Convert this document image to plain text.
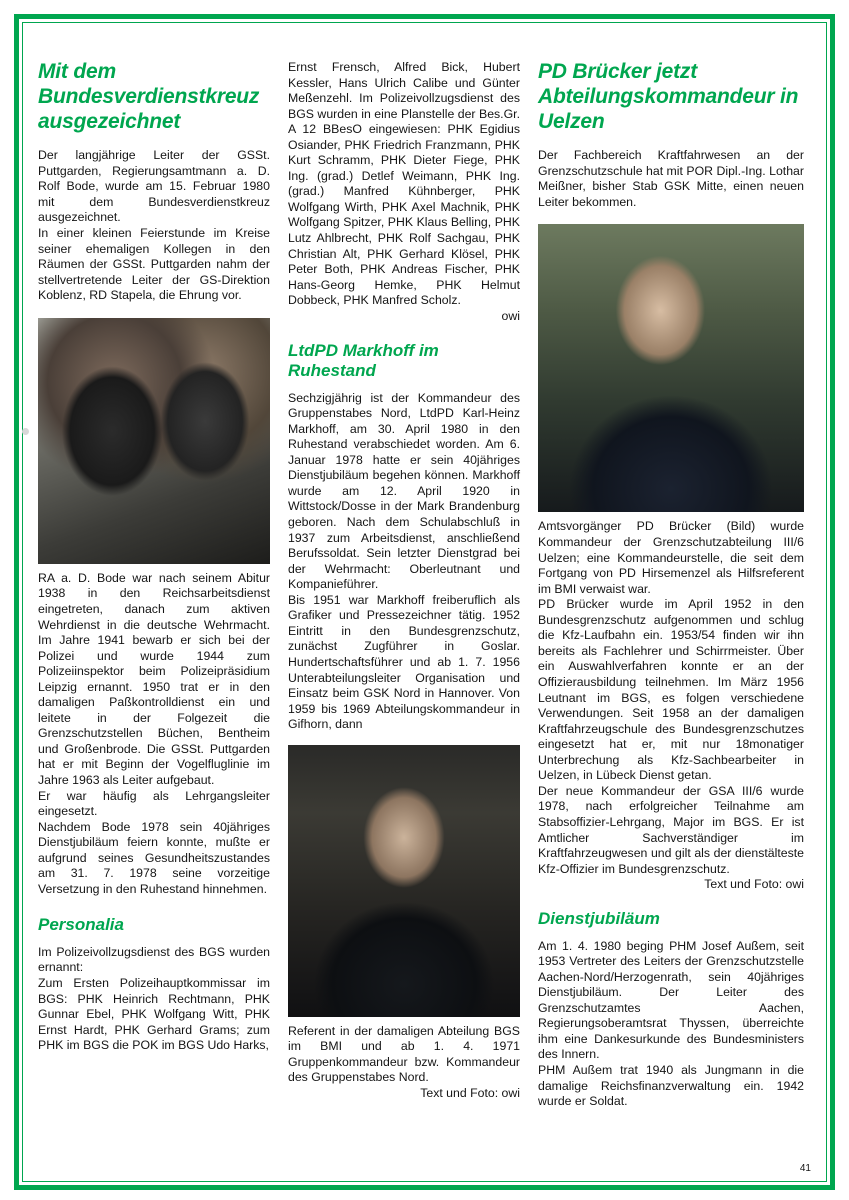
Mit dem Bundesverdienstkreuz ausgezeichnet

Der langjährige Leiter der GSSt. Puttgarden, Regierungsamtmann a. D. Rolf Bode, wurde am 15. Februar 1980 mit dem Bundesverdienstkreuz ausgezeichnet.

In einer kleinen Feierstunde im Kreise seiner ehemaligen Kollegen in den Räumen der GSSt. Puttgarden nahm der stellvertretende Leiter der GS-Direktion Koblenz, RD Stapela, die Ehrung vor.

RA a. D. Bode war nach seinem Abitur 1938 in den Reichsarbeitsdienst eingetreten, danach zum aktiven Wehrdienst in die deutsche Wehrmacht. Im Jahre 1941 bewarb er sich bei der Polizei und wurde 1944 zum Polizeiinspektor beim Polizeipräsidium Leipzig ernannt. 1950 trat er in den damaligen Paßkontrolldienst ein und leitete in der Folgezeit die Grenzschutzstellen Büchen, Bentheim und Großenbrode. Die GSSt. Puttgarden hat er mit Beginn der Vogelfluglinie im Jahre 1963 als Leiter aufgebaut.

Er war häufig als Lehrgangsleiter eingesetzt.

Nachdem Bode 1978 sein 40jähriges Dienstjubiläum feiern konnte, mußte er aufgrund seines Gesundheitszustandes am 31. 7. 1978 seine vorzeitige Versetzung in den Ruhestand hinnehmen.

Personalia

Im Polizeivollzugsdienst des BGS wurden ernannt:

Zum Ersten Polizeihauptkommissar im BGS: PHK Heinrich Rechtmann, PHK Gunnar Ebel, PHK Wolfgang Witt, PHK Ernst Hardt, PHK Gerhard Grams; zum PHK im BGS die POK im BGS Udo Harks,

Ernst Frensch, Alfred Bick, Hubert Kessler, Hans Ulrich Calibe und Günter Meßenzehl. Im Polizeivollzugsdienst des BGS wurden in eine Planstelle der Bes.Gr. A 12 BBesO eingewiesen: PHK Egidius Osiander, PHK Friedrich Franzmann, PHK Kurt Schramm, PHK Dieter Fiege, PHK Ing. (grad.) Detlef Weimann, PHK Ing. (grad.) Manfred Kühnberger, PHK Wolfgang Wirth, PHK Axel Machnik, PHK Wolfgang Spitzer, PHK Klaus Belling, PHK Lutz Ahlbrecht, PHK Rolf Sachgau, PHK Christian Alt, PHK Gerhard Klösel, PHK Peter Both, PHK Andreas Fischer, PHK Hans-Georg Hemke, PHK Helmut Dobbeck, PHK Manfred Scholz.

owi

LtdPD Markhoff im Ruhestand

Sechzigjährig ist der Kommandeur des Gruppenstabes Nord, LtdPD Karl-Heinz Markhoff, am 30. April 1980 in den Ruhestand verabschiedet worden. Am 6. Januar 1978 hatte er sein 40jähriges Dienstjubiläum begehen können. Markhoff wurde am 12. April 1920 in Wittstock/Dosse in der Mark Brandenburg geboren. Nach dem Schulabschluß in 1937 zum Arbeitsdienst, anschließend Berufssoldat. Sein letzter Dienstgrad bei der Wehrmacht: Oberleutnant und Kompanieführer.

Bis 1951 war Markhoff freiberuflich als Grafiker und Pressezeichner tätig. 1952 Eintritt in den Bundesgrenzschutz, zunächst Zugführer in Goslar. Hundertschaftsführer und ab 1. 7. 1956 Unterabteilungsleiter Organisation und Einsatz beim GSK Nord in Hannover. Von 1959 bis 1969 Abteilungskommandeur in Gifhorn, dann

Referent in der damaligen Abteilung BGS im BMI und ab 1. 4. 1971 Gruppenkommandeur bzw. Kommandeur des Gruppenstabes Nord.

Text und Foto: owi

PD Brücker jetzt Abteilungskommandeur in Uelzen

Der Fachbereich Kraftfahrwesen an der Grenzschutzschule hat mit POR Dipl.-Ing. Lothar Meißner, bisher Stab GSK Mitte, einen neuen Leiter bekommen.

Amtsvorgänger PD Brücker (Bild) wurde Kommandeur der Grenzschutzabteilung III/6 Uelzen; eine Kommandeurstelle, die seit dem Fortgang von PD Hirsemenzel als Hilfsreferent im BMI verwaist war.

PD Brücker wurde im April 1952 in den Bundesgrenzschutz aufgenommen und schlug die Kfz-Laufbahn ein. 1953/54 finden wir ihn bereits als Fachlehrer und Schirrmeister. Über ein Auswahlverfahren konnte er an der Offizierausbildung teilnehmen. Im März 1956 Leutnant im BGS, es folgen verschiedene Verwendungen. Seit 1958 an der damaligen Kraftfahrzeugschule des Bundesgrenzschutzes eingesetzt hat er, mit nur 18monatiger Unterbrechung als Kfz-Sachbearbeiter in Uelzen, in Lübeck Dienst getan.

Der neue Kommandeur der GSA III/6 wurde 1978, nach erfolgreicher Teilnahme am Stabsoffizier-Lehrgang, Major im BGS. Er ist Amtlicher Sachverständiger im Kraftfahrzeugwesen und gilt als der dienstälteste Kfz-Offizier im Bundesgrenzschutz.

Text und Foto: owi

Dienstjubiläum

Am 1. 4. 1980 beging PHM Josef Außem, seit 1953 Vertreter des Leiters der Grenzschutzstelle Aachen-Nord/Herzogenrath, sein 40jähriges Dienstjubiläum. Der Leiter des Grenzschutzamtes Aachen, Regierungsoberamtsrat Thyssen, überreichte ihm eine Dankesurkunde des Bundesministers des Innern.

PHM Außem trat 1940 als Jungmann in die damalige Reichsfinanzverwaltung ein. 1942 wurde er Soldat.

41
